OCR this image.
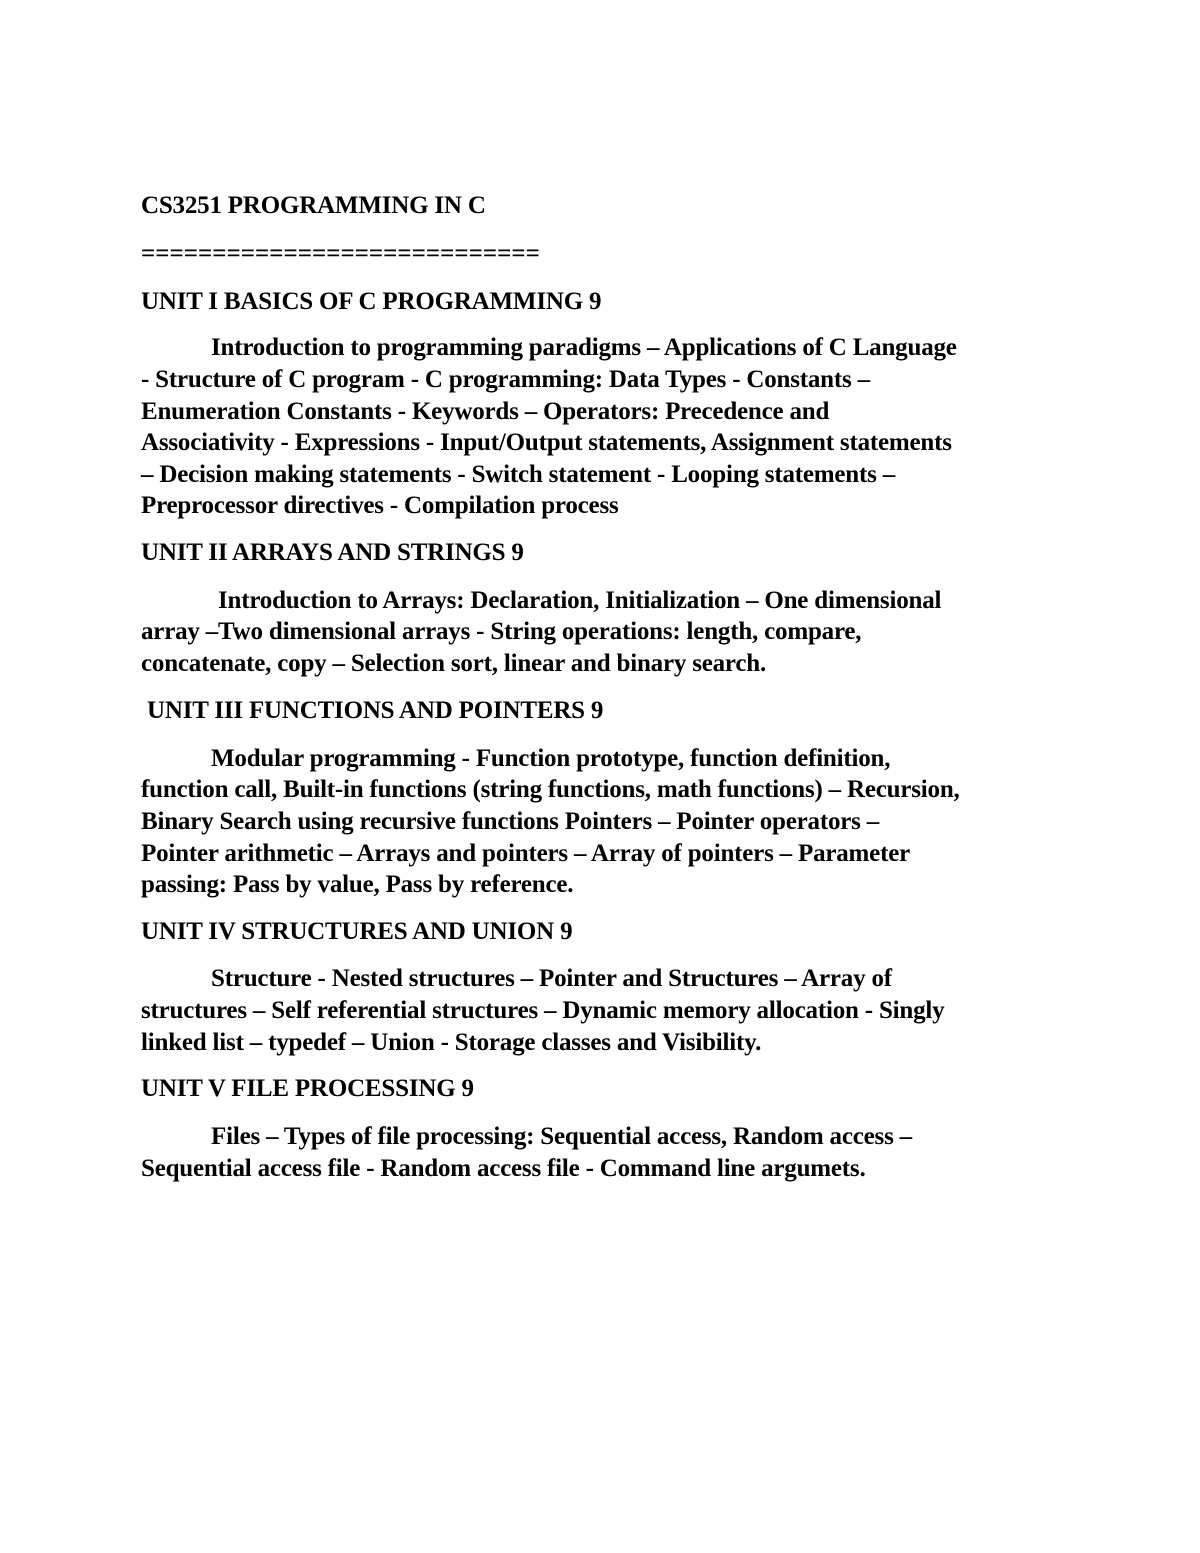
CS3251 PROGRAMMING IN C
============================
UNIT I BASICS OF C PROGRAMMING 9
Introduction to programming paradigms – Applications of C Language
- Structure of C program - C programming: Data Types - Constants –
Enumeration Constants - Keywords – Operators: Precedence and
Associativity - Expressions - Input/Output statements, Assignment statements
– Decision making statements - Switch statement - Looping statements –
Preprocessor directives - Compilation process
UNIT II ARRAYS AND STRINGS 9
Introduction to Arrays: Declaration, Initialization – One dimensional
array –Two dimensional arrays - String operations: length, compare,
concatenate, copy – Selection sort, linear and binary search.
UNIT III FUNCTIONS AND POINTERS 9
Modular programming - Function prototype, function definition,
function call, Built-in functions (string functions, math functions) – Recursion,
Binary Search using recursive functions Pointers – Pointer operators –
Pointer arithmetic – Arrays and pointers – Array of pointers – Parameter
passing: Pass by value, Pass by reference.
UNIT IV STRUCTURES AND UNION 9
Structure - Nested structures – Pointer and Structures – Array of
structures – Self referential structures – Dynamic memory allocation - Singly
linked list – typedef – Union - Storage classes and Visibility.
UNIT V FILE PROCESSING 9
Files – Types of file processing: Sequential access, Random access –
Sequential access file - Random access file - Command line argumets.
